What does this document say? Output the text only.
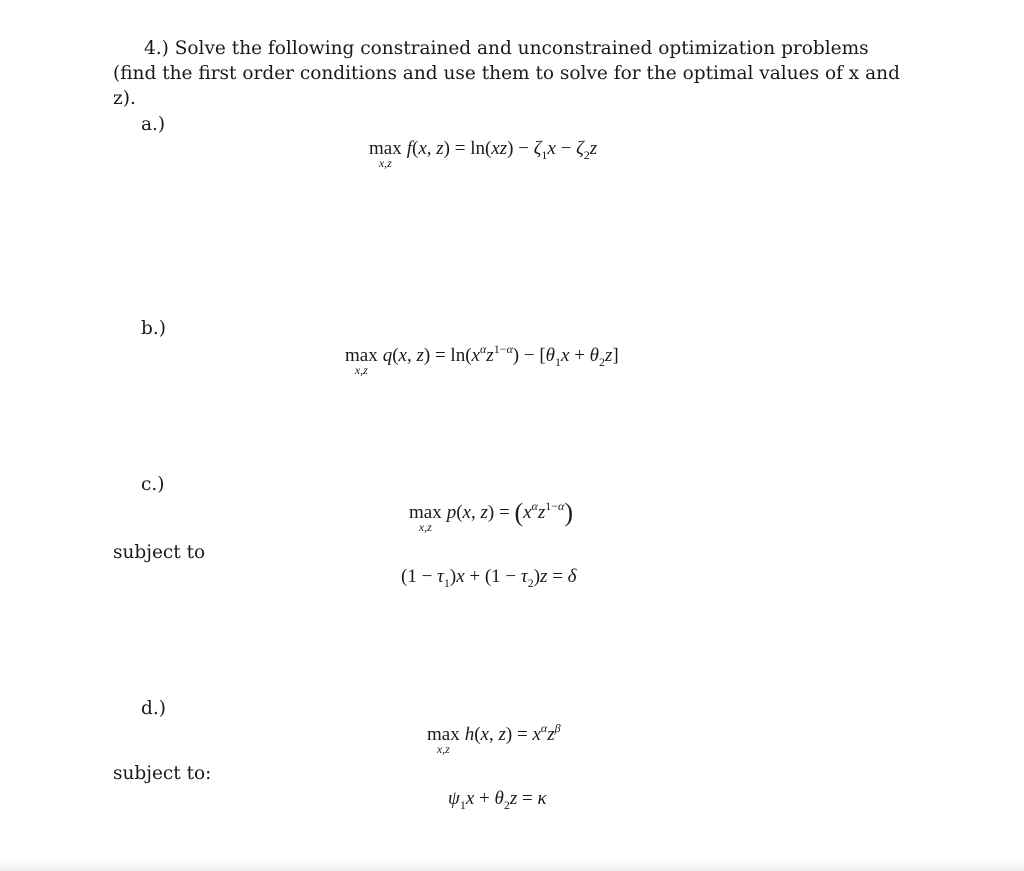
4.) Solve the following constrained and unconstrained optimization problems (find the first order conditions and use them to solve for the optimal values of x and z).
a.)
max
x,z
f(x, $z) = \ln(xz) - \zeta_1x - \zeta_2z$
b.)
max
x,z
q(x, $z) = \ln(x^\alpha z^{1-\alpha}) - [\theta_1x + \theta_2z]$
c.)
max
x,z
p(x, $z) = (x^\alpha z^{1-\alpha})$
subject to
$(1 - \tau_1)x + (1 - \tau_2)z = \delta$
d.)
max
x,z
h(x, $z) = x^\alpha z^\beta$
subject to:
$\psi_1x + \theta_2z = \kappa$
